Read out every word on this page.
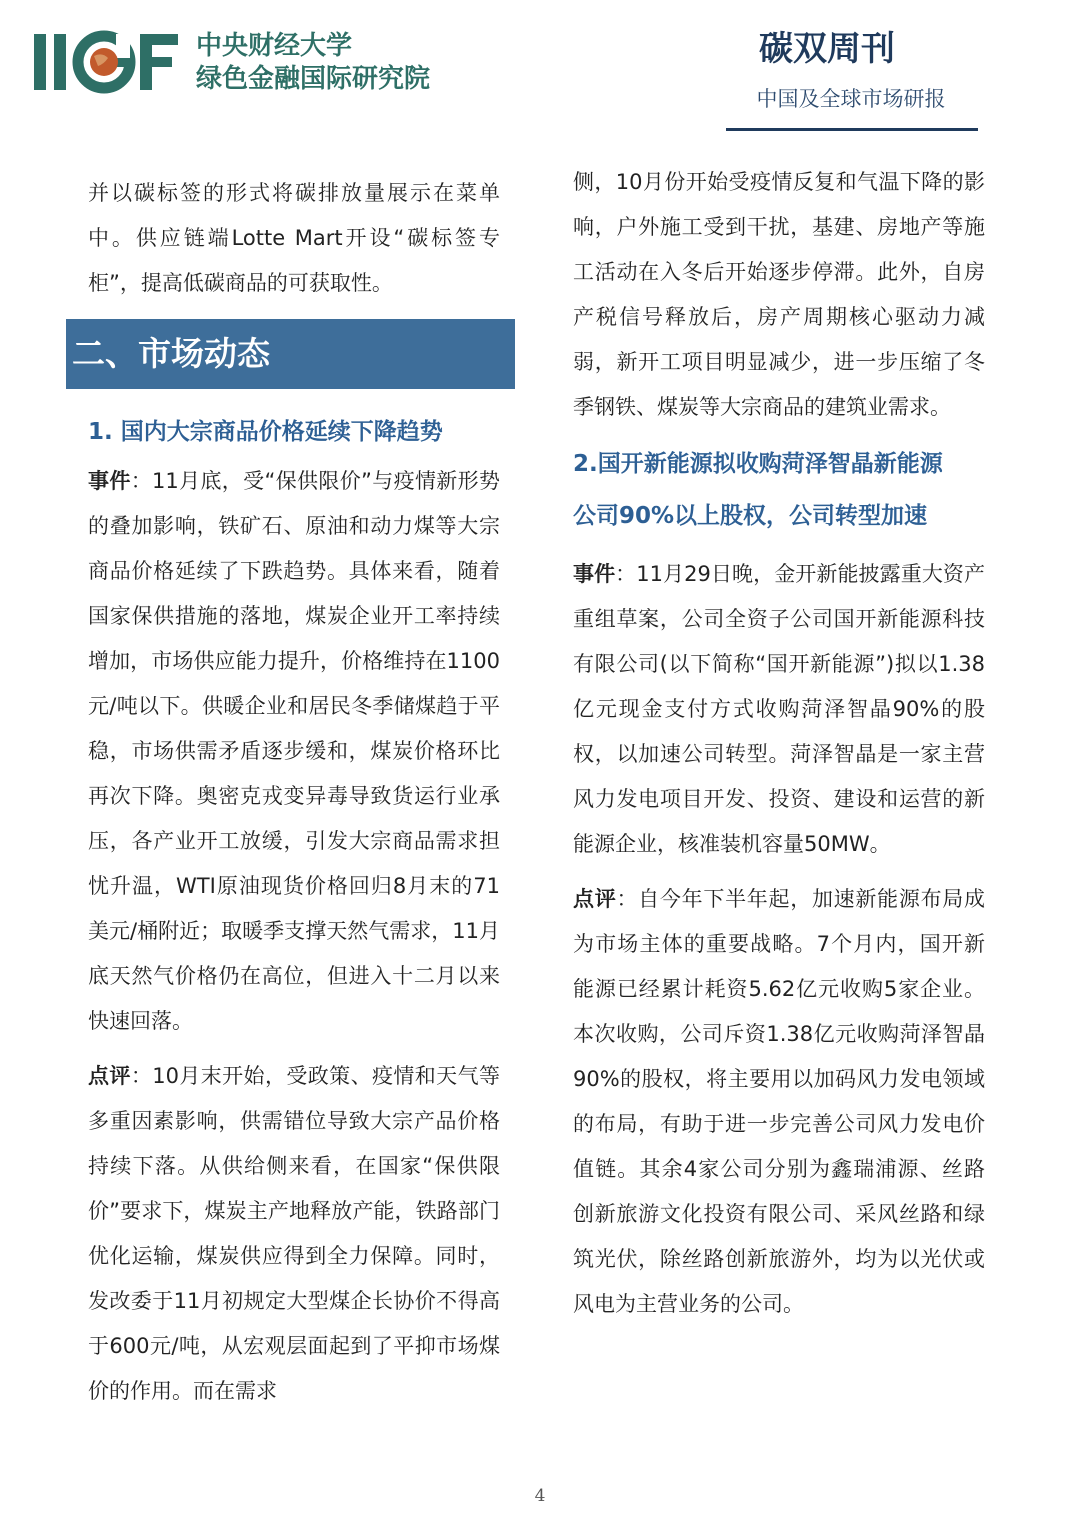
中央财经大学
绿色金融国际研究院
碳双周刊
中国及全球市场研报

并以碳标签的形式将碳排放量展示在菜单中。供应链端Lotte Mart开设“碳标签专柜”，提高低碳商品的可获取性。

二、市场动态
1. 国内大宗商品价格延续下降趋势

事件：11月底，受“保供限价”与疫情新形势的叠加影响，铁矿石、原油和动力煤等大宗商品价格延续了下跌趋势。具体来看，随着国家保供措施的落地，煤炭企业开工率持续增加，市场供应能力提升，价格维持在1100元/吨以下。供暖企业和居民冬季储煤趋于平稳，市场供需矛盾逐步缓和，煤炭价格环比再次下降。奥密克戎变异毒导致货运行业承压，各产业开工放缓，引发大宗商品需求担忧升温，WTI原油现货价格回归8月末的71美元/桶附近；取暖季支撑天然气需求，11月底天然气价格仍在高位，但进入十二月以来快速回落。

点评：10月末开始，受政策、疫情和天气等多重因素影响，供需错位导致大宗产品价格持续下落。从供给侧来看，在国家“保供限价”要求下，煤炭主产地释放产能，铁路部门优化运输，煤炭供应得到全力保障。同时，发改委于11月初规定大型煤企长协价不得高于600元/吨，从宏观层面起到了平抑市场煤价的作用。而在需求

侧，10月份开始受疫情反复和气温下降的影响，户外施工受到干扰，基建、房地产等施工活动在入冬后开始逐步停滞。此外，自房产税信号释放后，房产周期核心驱动力减弱，新开工项目明显减少，进一步压缩了冬季钢铁、煤炭等大宗商品的建筑业需求。

2.国开新能源拟收购菏泽智晶新能源
公司90%以上股权，公司转型加速

事件：11月29日晚，金开新能披露重大资产重组草案，公司全资子公司国开新能源科技有限公司(以下简称“国开新能源”)拟以1.38亿元现金支付方式收购菏泽智晶90%的股权，以加速公司转型。菏泽智晶是一家主营风力发电项目开发、投资、建设和运营的新能源企业，核准装机容量50MW。

点评：自今年下半年起，加速新能源布局成为市场主体的重要战略。7个月内，国开新能源已经累计耗资5.62亿元收购5家企业。本次收购，公司斥资1.38亿元收购菏泽智晶90%的股权，将主要用以加码风力发电领域的布局，有助于进一步完善公司风力发电价值链。其余4家公司分别为鑫瑞浦源、丝路创新旅游文化投资有限公司、采风丝路和绿筑光伏，除丝路创新旅游外，均为以光伏或风电为主营业务的公司。

4
